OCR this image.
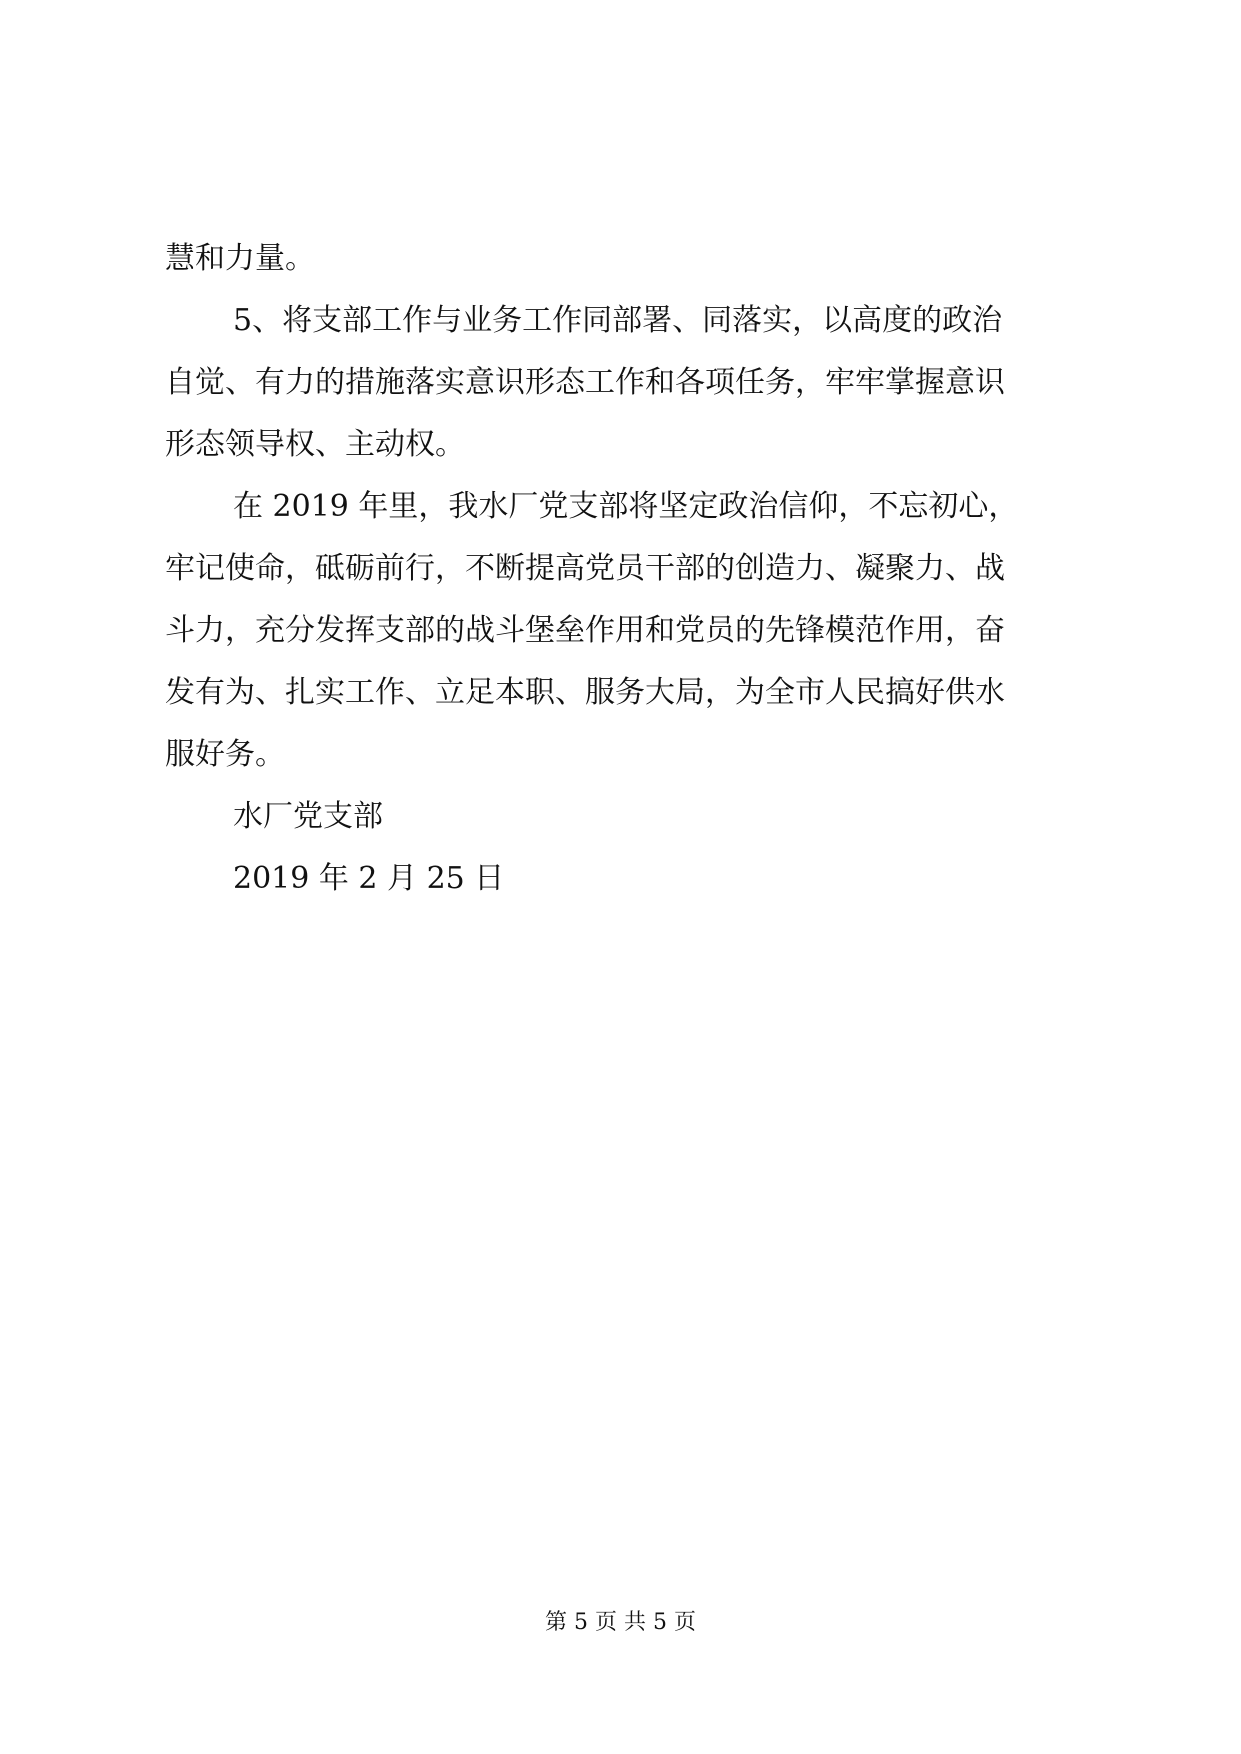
慧和力量。
5、将支部工作与业务工作同部署、同落实，以高度的政治
自觉、有力的措施落实意识形态工作和各项任务，牢牢掌握意识
形态领导权、主动权。
在 2019 年里，我水厂党支部将坚定政治信仰，不忘初心，
牢记使命，砥砺前行，不断提高党员干部的创造力、凝聚力、战
斗力，充分发挥支部的战斗堡垒作用和党员的先锋模范作用，奋
发有为、扎实工作、立足本职、服务大局，为全市人民搞好供水
服好务。
水厂党支部
2019 年 2 月 25 日
第 5 页 共 5 页
